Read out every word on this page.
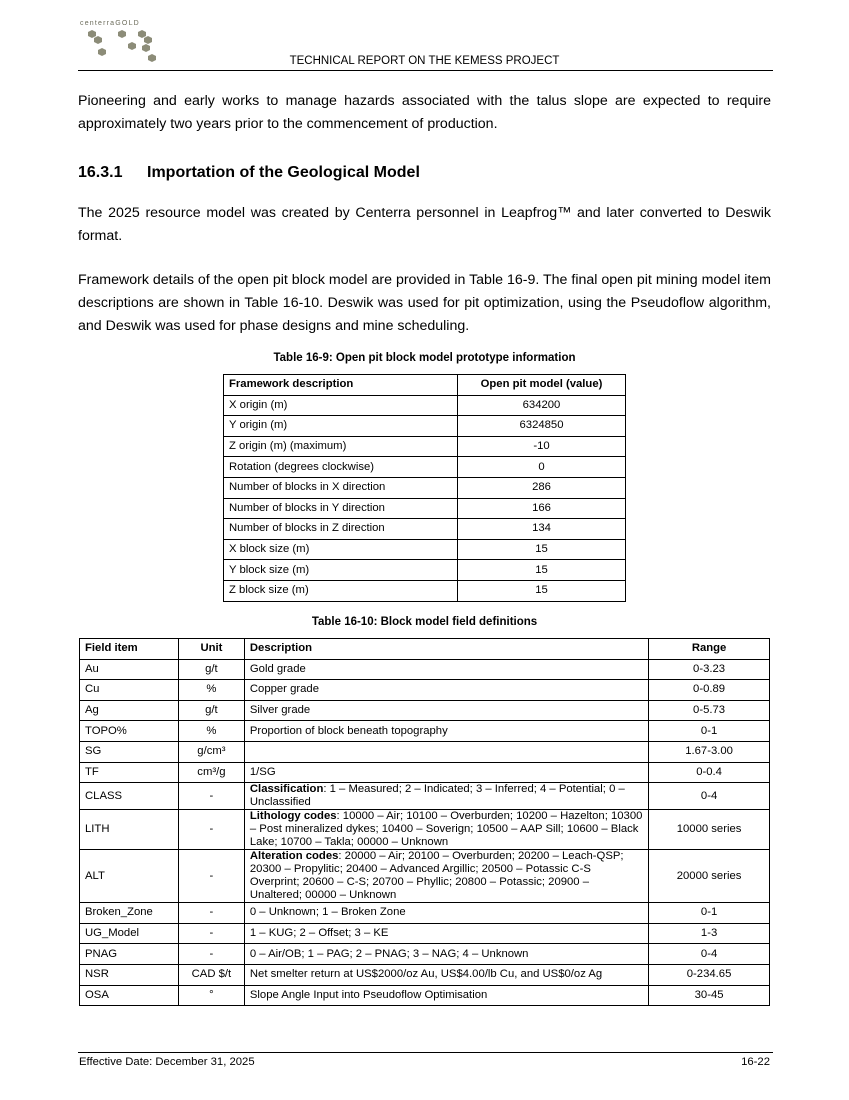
centerraGOLD
TECHNICAL REPORT ON THE KEMESS PROJECT

Pioneering and early works to manage hazards associated with the talus slope are expected to require approximately two years prior to the commencement of production.

16.3.1 Importation of the Geological Model

The 2025 resource model was created by Centerra personnel in Leapfrog™ and later converted to Deswik format.

Framework details of the open pit block model are provided in Table 16-9. The final open pit mining model item descriptions are shown in Table 16-10. Deswik was used for pit optimization, using the Pseudoflow algorithm, and Deswik was used for phase designs and mine scheduling.

Table 16-9: Open pit block model prototype information
Framework description	Open pit model (value)
X origin (m)	634200
Y origin (m)	6324850
Z origin (m) (maximum)	-10
Rotation (degrees clockwise)	0
Number of blocks in X direction	286
Number of blocks in Y direction	166
Number of blocks in Z direction	134
X block size (m)	15
Y block size (m)	15
Z block size (m)	15
Table 16-10: Block model field definitions
Field item	Unit	Description	Range
Au	g/t	Gold grade	0-3.23
Cu	%	Copper grade	0-0.89
Ag	g/t	Silver grade	0-5.73
TOPO%	%	Proportion of block beneath topography	0-1
SG	g/cm³		1.67-3.00
TF	cm³/g	1/SG	0-0.4
CLASS	-	Classification: 1 – Measured; 2 – Indicated; 3 – Inferred; 4 – Potential; 0 – Unclassified	0-4
LITH	-	Lithology codes: 10000 – Air; 10100 – Overburden; 10200 – Hazelton; 10300 – Post mineralized dykes; 10400 – Soverign; 10500 – AAP Sill; 10600 – Black Lake; 10700 – Takla; 00000 – Unknown	10000 series
ALT	-	Alteration codes: 20000 – Air; 20100 – Overburden; 20200 – Leach-QSP; 20300 – Propylitic; 20400 – Advanced Argillic; 20500 – Potassic C-S Overprint; 20600 – C-S; 20700 – Phyllic; 20800 – Potassic; 20900 – Unaltered; 00000 – Unknown	20000 series
Broken_Zone	-	0 – Unknown; 1 – Broken Zone	0-1
UG_Model	-	1 – KUG; 2 – Offset; 3 – KE	1-3
PNAG	-	0 – Air/OB; 1 – PAG; 2 – PNAG; 3 – NAG; 4 – Unknown	0-4
NSR	CAD $/t	Net smelter return at US$2000/oz Au, US$4.00/lb Cu, and US$0/oz Ag	0-234.65
OSA	°	Slope Angle Input into Pseudoflow Optimisation	30-45
Effective Date: December 31, 2025	16-22
